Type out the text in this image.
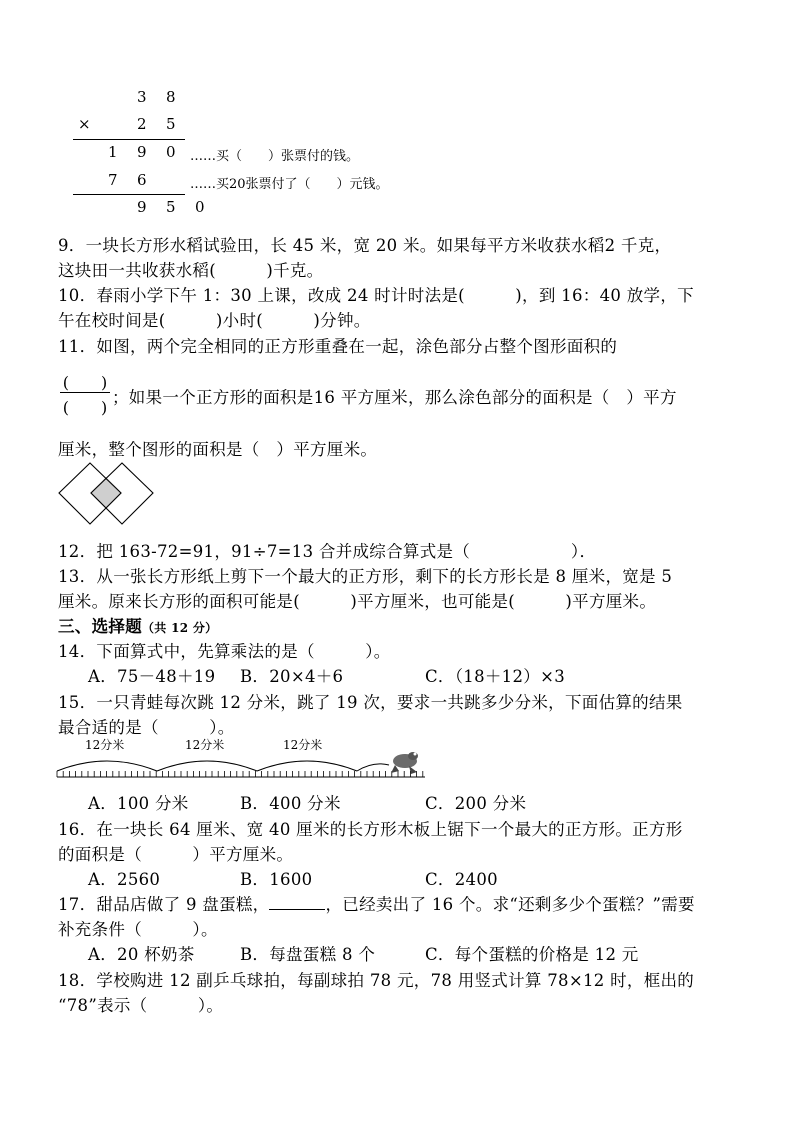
3 8
×	2 5
1 9 0 ……买（　　）张票付的钱。
7 6	……买20张票付了（　　）元钱。
9 5 0
9．一块长方形水稻试验田，长 45 米，宽 20 米。如果每平方米收获水稻2 千克，
这块田一共收获水稻(　　　)千克。
10．春雨小学下午 1：30 上课，改成 24 时计时法是(　　　)，到 16：40 放学，下
午在校时间是(　　　)小时(　　　)分钟。
11．如图，两个完全相同的正方形重叠在一起，涂色部分占整个图形面积的
(　　)
(　　)
；如果一个正方形的面积是16 平方厘米，那么涂色部分的面积是（　）平方
厘米，整个图形的面积是（　）平方厘米。
12．把 163-72=91，91÷7=13 合并成综合算式是（　　　　　　）．
13．从一张长方形纸上剪下一个最大的正方形，剩下的长方形长是 8 厘米，宽是 5
厘米。原来长方形的面积可能是(　　　)平方厘米，也可能是(　　　)平方厘米。
三、选择题（共 12 分）
14．下面算式中，先算乘法的是（　　　）。
A．75－48＋19 B．20×4＋6	C．（18＋12）×3
15．一只青蛙每次跳 12 分米，跳了 19 次，要求一共跳多少分米，下面估算的结果
最合适的是（　　　）。
12分米	12分米	12分米
A．100 分米	B．400 分米	C．200 分米
16．在一块长 64 厘米、宽 40 厘米的长方形木板上锯下一个最大的正方形。正方形
的面积是（　　　）平方厘米。
A．2560	B．1600	C．2400
17．甜品店做了 9 盘蛋糕，	，已经卖出了 16 个。求“还剩多少个蛋糕？”需要
补充条件（　　　）。
A．20 杯奶茶	B．每盘蛋糕 8 个	C．每个蛋糕的价格是 12 元
18．学校购进 12 副乒乓球拍，每副球拍 78 元，78 用竖式计算 78×12 时，框出的
“78”表示（　　　）。
